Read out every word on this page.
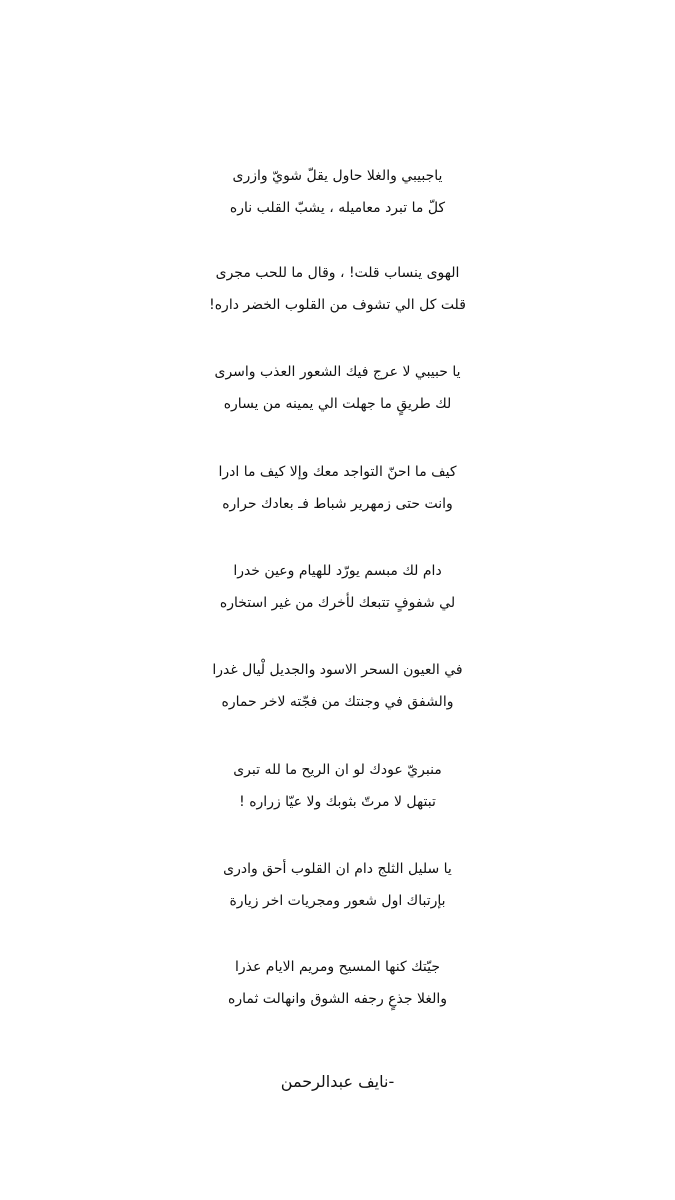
ياجبيبي والغلا حاول يقلّ شويّ وازرى
كلّ ما تبرد معاميله ، يشبّ القلب ناره
الهوى ينساب قلت! ، وقال ما للحب مجرى
قلت كل الي تشوف من القلوب الخضر داره!
يا حبيبي لا عرج فيك الشعور العذب واسرى
لك طريقٍ ما جهلت الي يمينه من يساره
كيف ما احنّ التواجد معك وإلا كيف ما ادرا
وانت حتى زمهرير شباط فـ بعادك حراره
دام لك مبسم يورّد للهيام وعين خدرا
لي شفوفٍ تتبعك لأخرك من غير استخاره
في العيون السحر الاسود والجديل لْيال غدرا
والشفق في وجنتك من فجّته لاخر حماره
منبريّ عودك لو ان الريح ما لله تبرى
تبتهل لا مرتّ بثوبك ولا عيّا زراره !
يا سليل الثلج دام ان القلوب أحق وادرى
بإرتباك اول شعور ومجريات اخر زيارة
جيّتك كنها المسيح ومريم الايام عذرا
والغلا جذعٍ رجفه الشوق وانهالت ثماره
-نايف عبدالرحمن
